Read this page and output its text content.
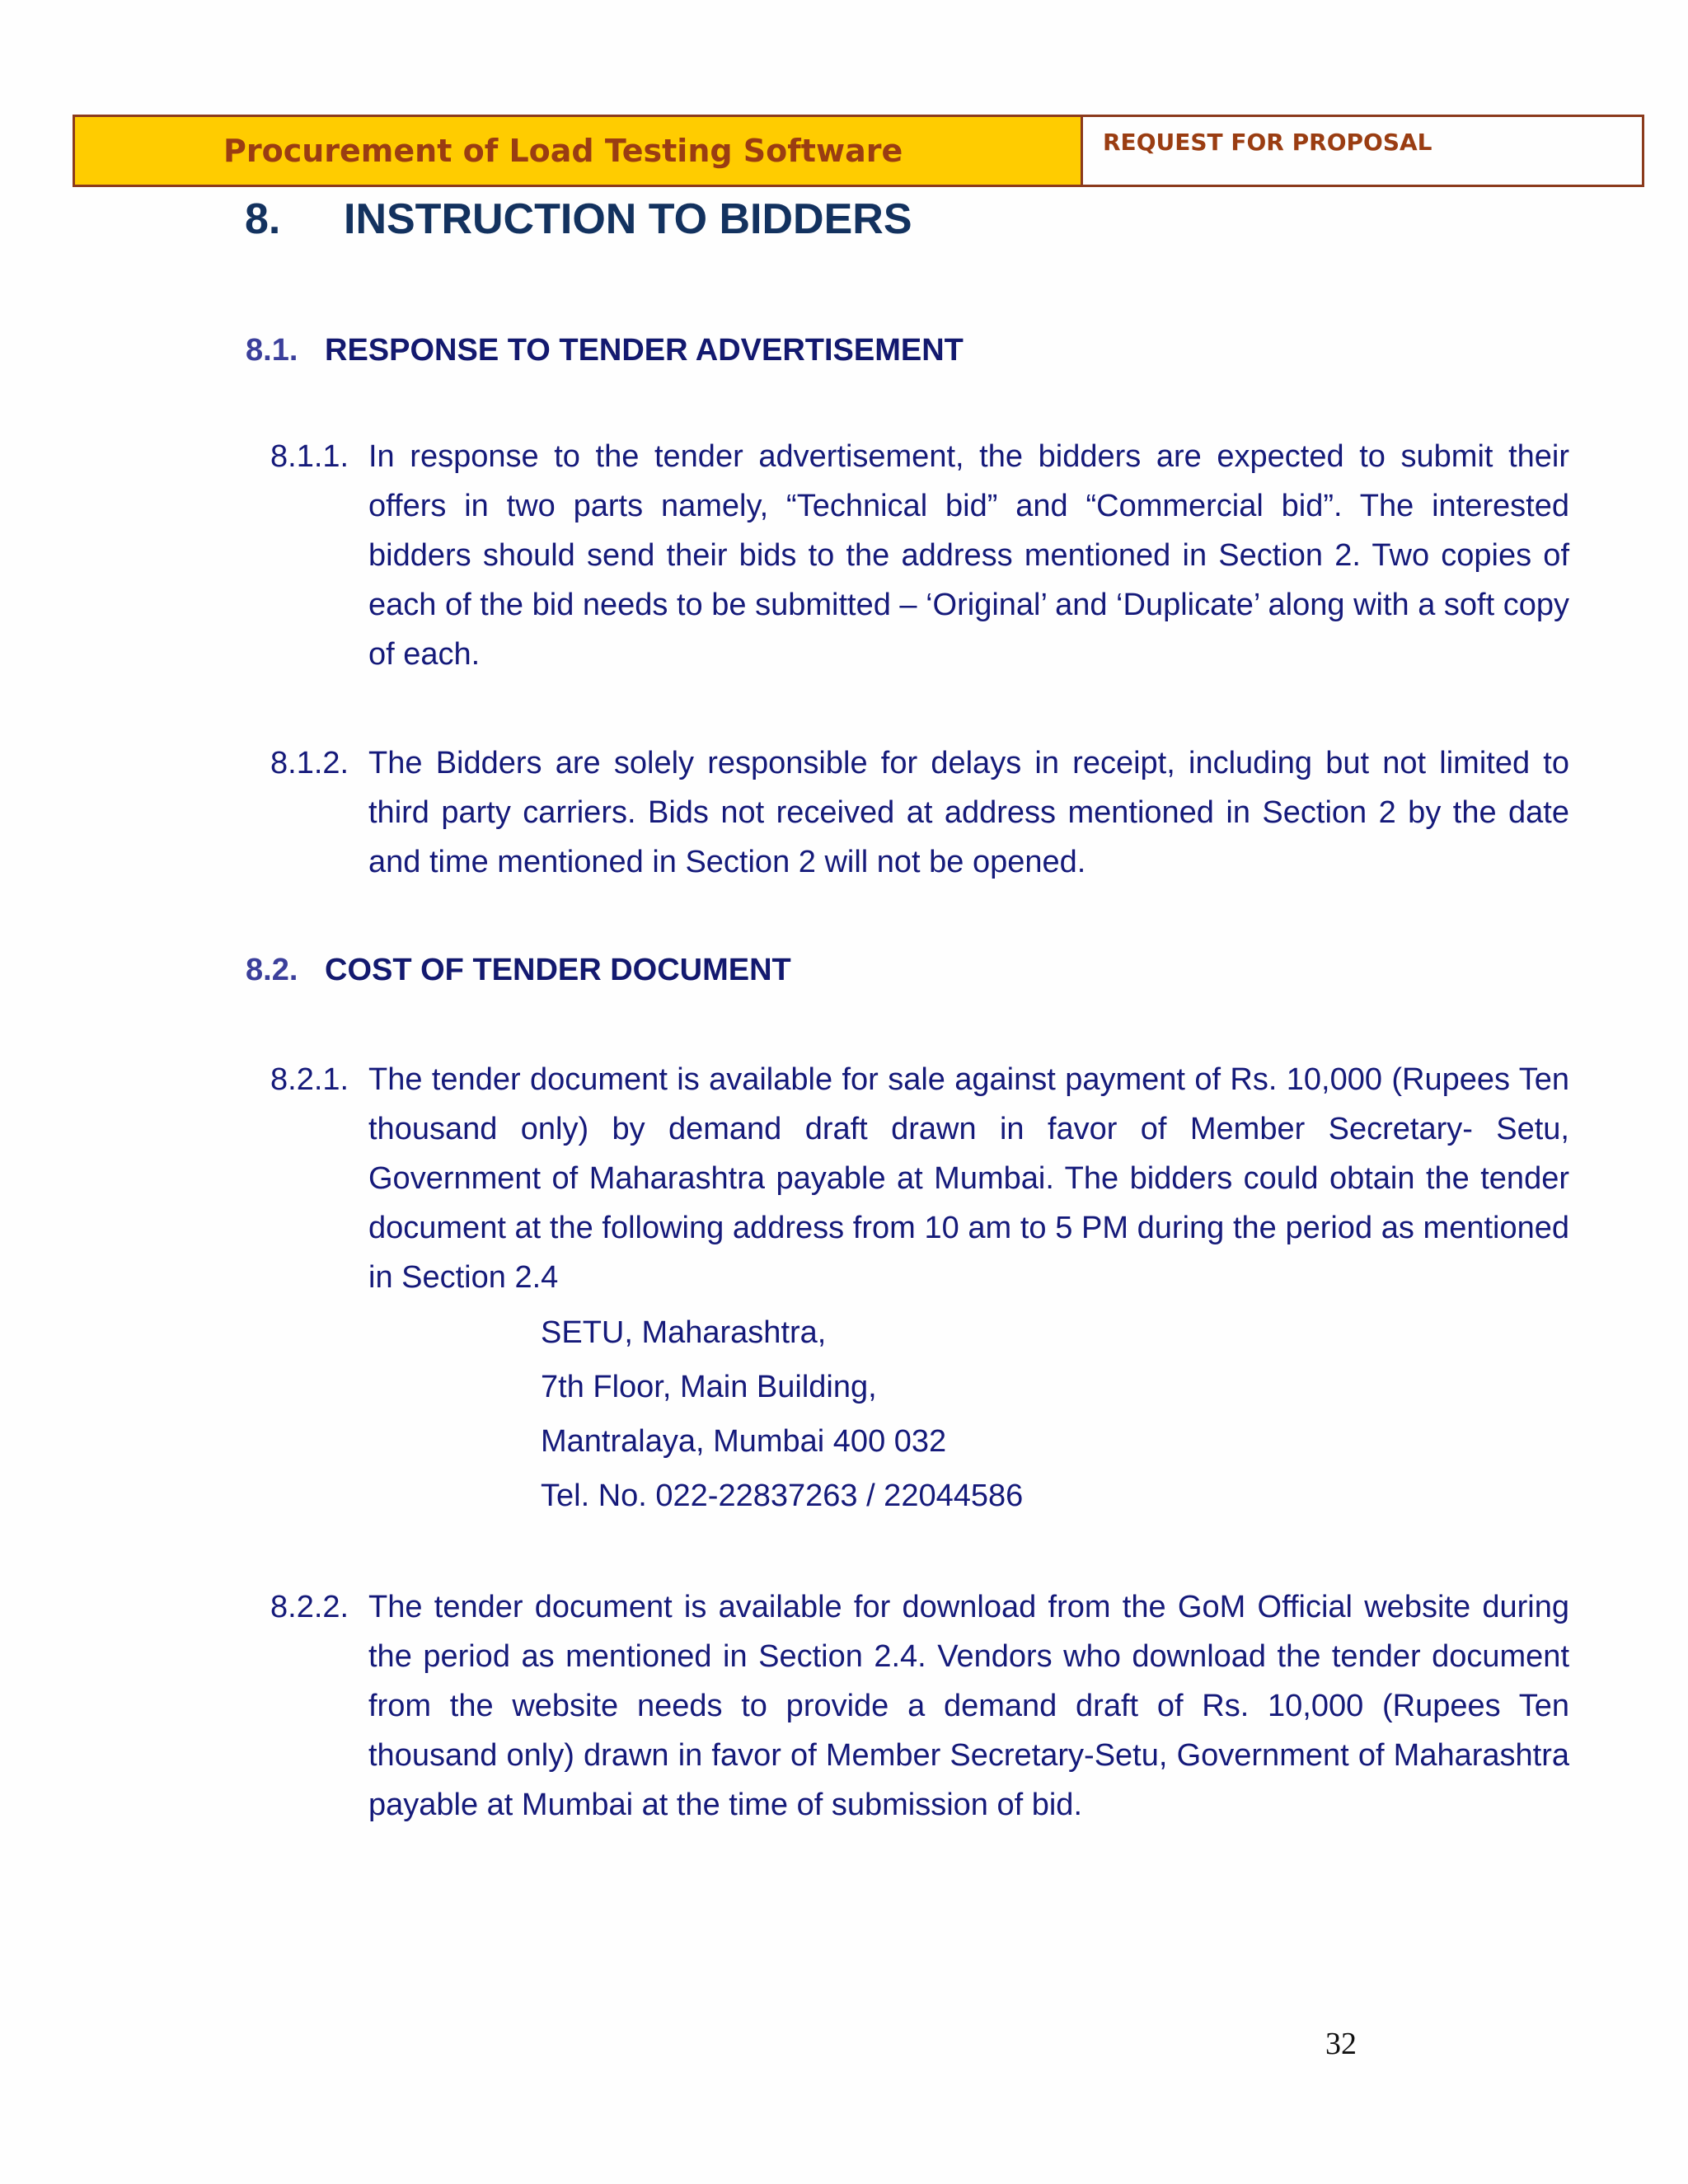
Procurement of Load Testing Software	REQUEST FOR PROPOSAL
8.	INSTRUCTION TO BIDDERS
8.1. RESPONSE TO TENDER ADVERTISEMENT
8.1.1. In response to the tender advertisement, the bidders are expected to submit their offers in two parts namely, “Technical bid” and “Commercial bid”. The interested bidders should send their bids to the address mentioned in Section 2. Two copies of each of the bid needs to be submitted – ‘Original’ and ‘Duplicate’ along with a soft copy of each.
8.1.2. The Bidders are solely responsible for delays in receipt, including but not limited to third party carriers. Bids not received at address mentioned in Section 2 by the date and time mentioned in Section 2 will not be opened.
8.2. COST OF TENDER DOCUMENT
8.2.1. The tender document is available for sale against payment of Rs. 10,000 (Rupees Ten thousand only) by demand draft drawn in favor of Member Secretary- Setu, Government of Maharashtra payable at Mumbai. The bidders could obtain the tender document at the following address from 10 am to 5 PM during the period as mentioned in Section 2.4
SETU, Maharashtra,
7th Floor, Main Building,
Mantralaya, Mumbai 400 032
Tel. No. 022-22837263 / 22044586
8.2.2. The tender document is available for download from the GoM Official website during the period as mentioned in Section 2.4. Vendors who download the tender document from the website needs to provide a demand draft of Rs. 10,000 (Rupees Ten thousand only) drawn in favor of Member Secretary-Setu, Government of Maharashtra payable at Mumbai at the time of submission of bid.
32
